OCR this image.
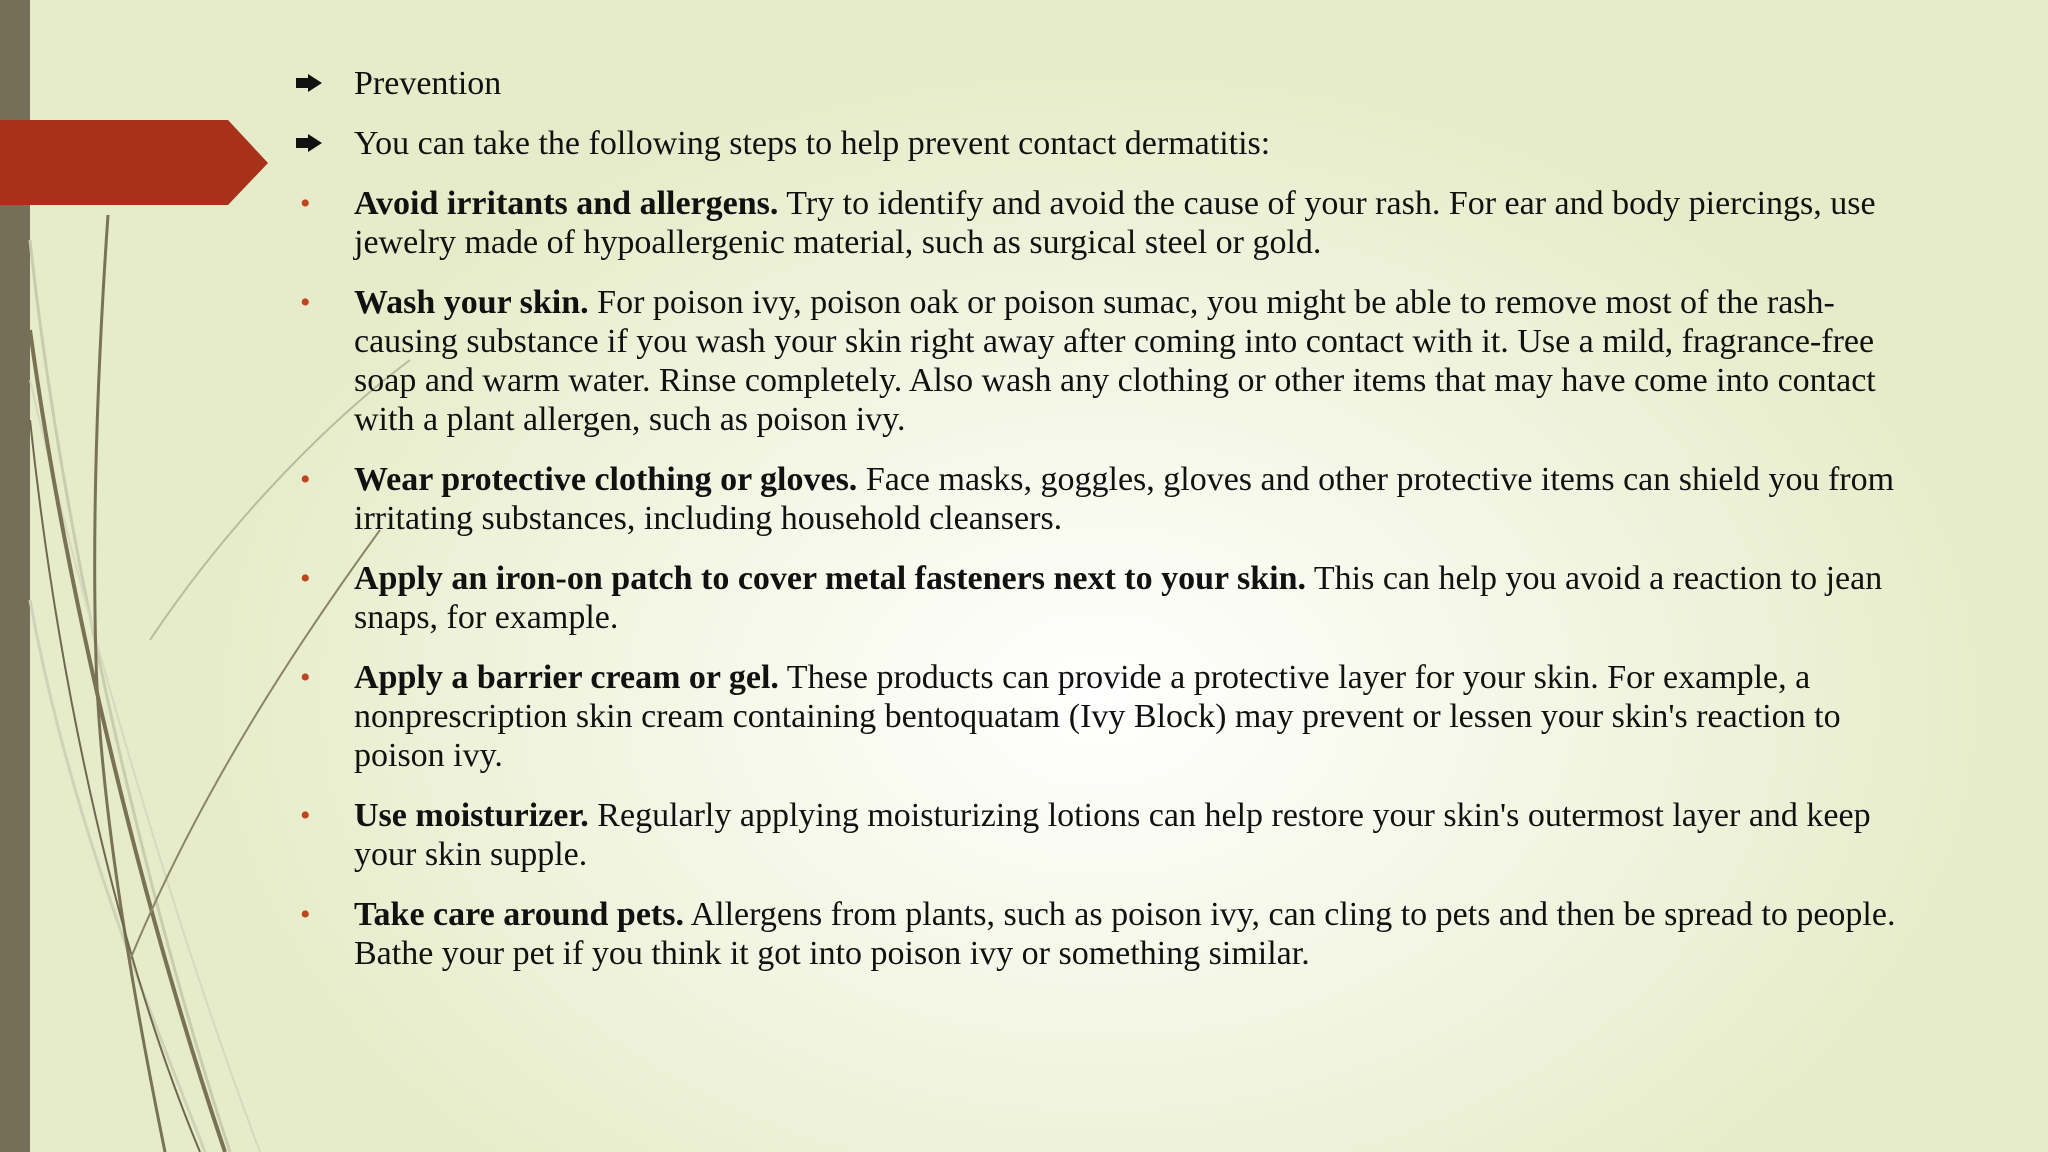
Prevention
You can take the following steps to help prevent contact dermatitis:
•	Avoid irritants and allergens. Try to identify and avoid the cause of your rash. For ear and body piercings, use jewelry made of hypoallergenic material, such as surgical steel or gold.
•	Wash your skin. For poison ivy, poison oak or poison sumac, you might be able to remove most of the rash-causing substance if you wash your skin right away after coming into contact with it. Use a mild, fragrance-free soap and warm water. Rinse completely. Also wash any clothing or other items that may have come into contact with a plant allergen, such as poison ivy.
•	Wear protective clothing or gloves. Face masks, goggles, gloves and other protective items can shield you from irritating substances, including household cleansers.
•	Apply an iron-on patch to cover metal fasteners next to your skin. This can help you avoid a reaction to jean snaps, for example.
•	Apply a barrier cream or gel. These products can provide a protective layer for your skin. For example, a nonprescription skin cream containing bentoquatam (Ivy Block) may prevent or lessen your skin's reaction to poison ivy.
•	Use moisturizer. Regularly applying moisturizing lotions can help restore your skin's outermost layer and keep your skin supple.
•	Take care around pets. Allergens from plants, such as poison ivy, can cling to pets and then be spread to people. Bathe your pet if you think it got into poison ivy or something similar.
